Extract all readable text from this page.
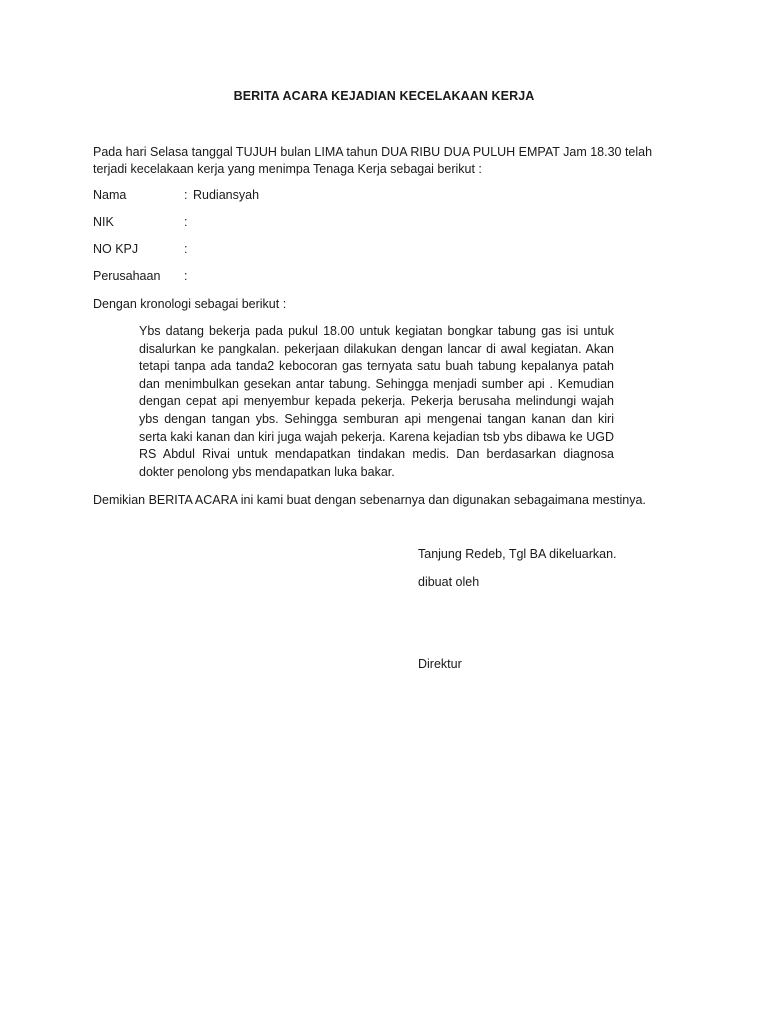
BERITA ACARA KEJADIAN KECELAKAAN KERJA
Pada hari Selasa tanggal TUJUH bulan LIMA tahun DUA RIBU DUA PULUH EMPAT Jam 18.30 telah terjadi kecelakaan kerja yang menimpa Tenaga Kerja sebagai berikut :
Nama	: Rudiansyah
NIK	:
NO KPJ	:
Perusahaan :
Dengan kronologi sebagai berikut :
Ybs datang bekerja pada pukul 18.00 untuk kegiatan bongkar tabung gas isi untuk disalurkan ke pangkalan. pekerjaan dilakukan dengan lancar di awal kegiatan. Akan tetapi tanpa ada tanda2 kebocoran gas ternyata satu buah tabung kepalanya patah dan menimbulkan gesekan antar tabung. Sehingga menjadi sumber api . Kemudian dengan cepat api menyembur kepada pekerja. Pekerja berusaha melindungi wajah ybs dengan tangan ybs. Sehingga semburan api mengenai tangan kanan dan kiri serta kaki kanan dan kiri juga wajah pekerja. Karena kejadian tsb ybs dibawa ke UGD RS Abdul Rivai untuk mendapatkan tindakan medis. Dan berdasarkan diagnosa dokter penolong ybs mendapatkan luka bakar.
Demikian BERITA ACARA ini kami buat dengan sebenarnya dan digunakan sebagaimana mestinya.
Tanjung Redeb, Tgl BA dikeluarkan.
dibuat oleh
Direktur
